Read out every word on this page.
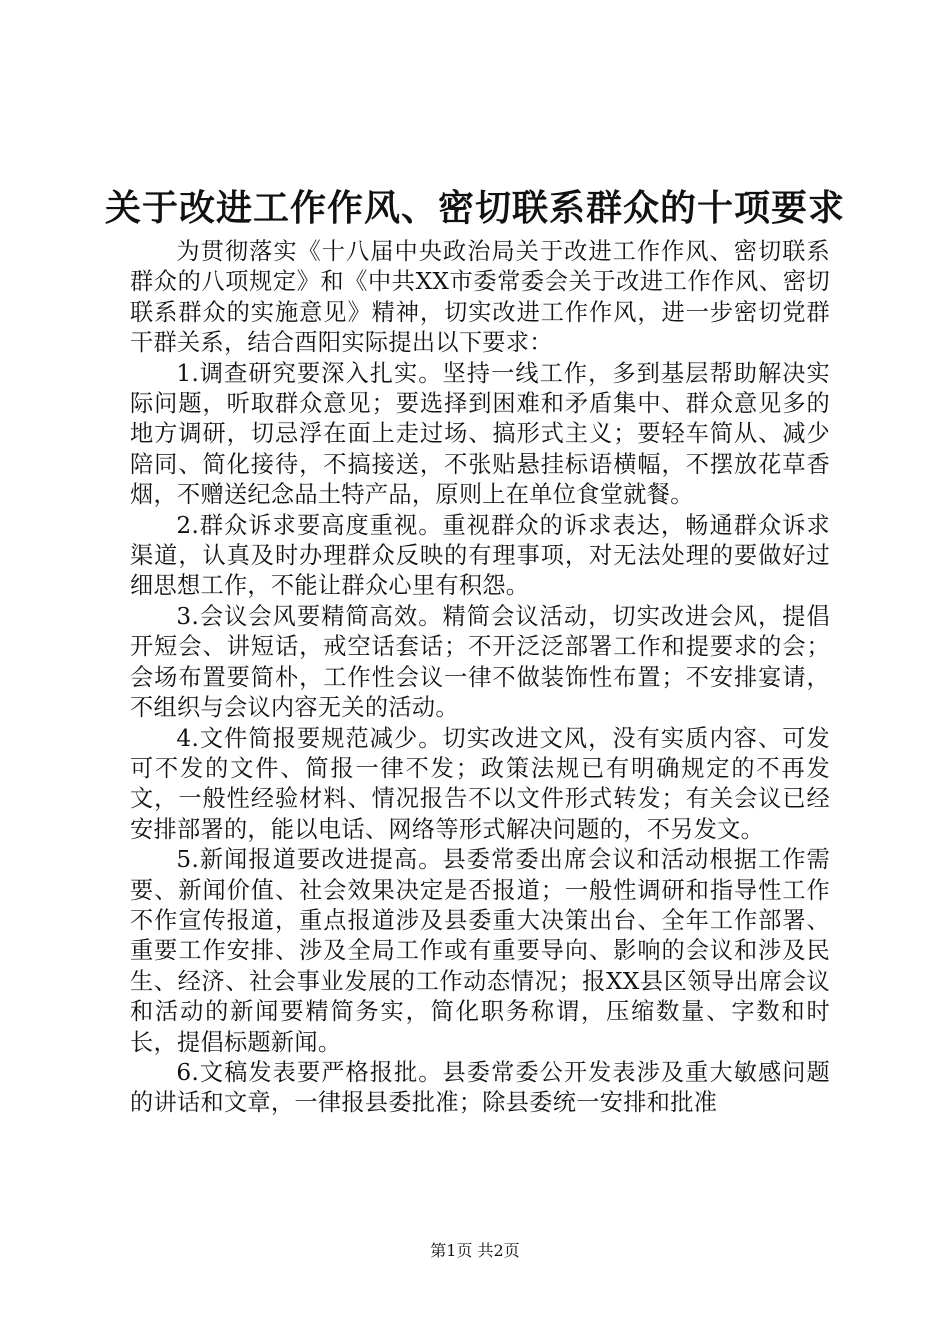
关于改进工作作风、密切联系群众的十项要求

为贯彻落实《十八届中央政治局关于改进工作作风、密切联系群众的八项规定》和《中共XX市委常委会关于改进工作作风、密切联系群众的实施意见》精神，切实改进工作作风，进一步密切党群干群关系，结合酉阳实际提出以下要求：

1.调查研究要深入扎实。坚持一线工作，多到基层帮助解决实际问题，听取群众意见；要选择到困难和矛盾集中、群众意见多的地方调研，切忌浮在面上走过场、搞形式主义；要轻车简从、减少陪同、简化接待，不搞接送，不张贴悬挂标语横幅，不摆放花草香烟，不赠送纪念品土特产品，原则上在单位食堂就餐。

2.群众诉求要高度重视。重视群众的诉求表达，畅通群众诉求渠道，认真及时办理群众反映的有理事项，对无法处理的要做好过细思想工作，不能让群众心里有积怨。

3.会议会风要精简高效。精简会议活动，切实改进会风，提倡开短会、讲短话，戒空话套话；不开泛泛部署工作和提要求的会；会场布置要简朴，工作性会议一律不做装饰性布置；不安排宴请，不组织与会议内容无关的活动。

4.文件简报要规范减少。切实改进文风，没有实质内容、可发可不发的文件、简报一律不发；政策法规已有明确规定的不再发文，一般性经验材料、情况报告不以文件形式转发；有关会议已经安排部署的，能以电话、网络等形式解决问题的，不另发文。

5.新闻报道要改进提高。县委常委出席会议和活动根据工作需要、新闻价值、社会效果决定是否报道；一般性调研和指导性工作不作宣传报道，重点报道涉及县委重大决策出台、全年工作部署、重要工作安排、涉及全局工作或有重要导向、影响的会议和涉及民生、经济、社会事业发展的工作动态情况；报XX县区领导出席会议和活动的新闻要精简务实，简化职务称谓，压缩数量、字数和时长，提倡标题新闻。

6.文稿发表要严格报批。县委常委公开发表涉及重大敏感问题的讲话和文章，一律报县委批准；除县委统一安排和批准

第1页 共2页
